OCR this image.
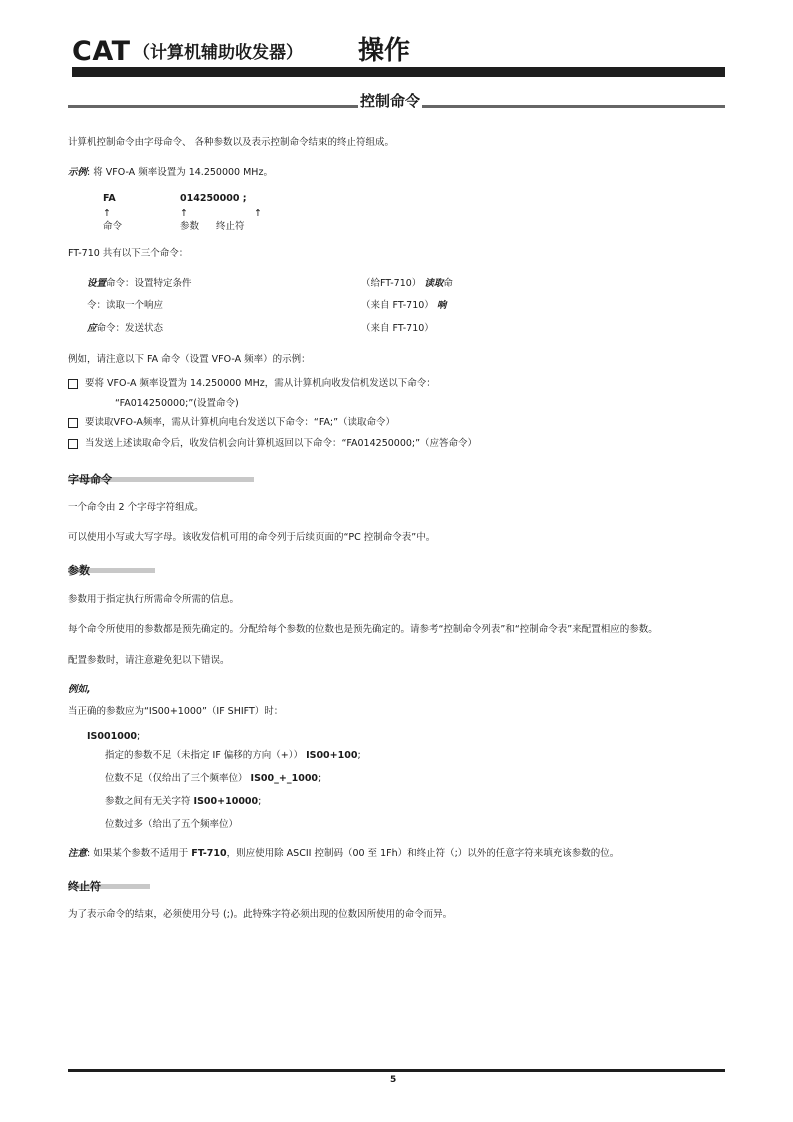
CAT （计算机辅助收发器） 操作
控制命令
计算机控制命令由字母命令、 各种参数以及表示控制命令结束的终止符组成。
示例: 将 VFO-A 频率设置为 14.250000 MHz。
FA	014250000 ;
↑	↑	↑
命令	参数 终止符
FT-710 共有以下三个命令：
设置命令：设置特定条件	（给FT-710） 读取命
令：读取一个响应	（来自 FT-710） 响
应命令：发送状态	（来自 FT-710）
例如，请注意以下 FA 命令（设置 VFO-A 频率）的示例：
要将 VFO-A 频率设置为 14.250000 MHz，需从计算机向收发信机发送以下命令：
“FA014250000;”(设置命令)
要读取VFO-A频率，需从计算机向电台发送以下命令：“FA;”（读取命令）
当发送上述读取命令后，收发信机会向计算机返回以下命令：“FA014250000;”（应答命令）
字母命令
一个命令由 2 个字母字符组成。
可以使用小写或大写字母。该收发信机可用的命令列于后续页面的“PC 控制命令表”中。
参数
参数用于指定执行所需命令所需的信息。
每个命令所使用的参数都是预先确定的。分配给每个参数的位数也是预先确定的。请参考“控制命令列表”和“控制命令表”来配置相应的参数。
配置参数时，请注意避免犯以下错误。
例如,
当正确的参数应为“IS00+1000”（IF SHIFT）时：
IS001000;
指定的参数不足（未指定 IF 偏移的方向（+）） IS00+100;
位数不足（仅给出了三个频率位） IS00_+_1000;
参数之间有无关字符 IS00+10000;
位数过多（给出了五个频率位）
注意: 如果某个参数不适用于 FT-710，则应使用除 ASCII 控制码（00 至 1Fh）和终止符（;）以外的任意字符来填充该参数的位。
终止符
为了表示命令的结束，必须使用分号 (;)。此特殊字符必须出现的位数因所使用的命令而异。
5
